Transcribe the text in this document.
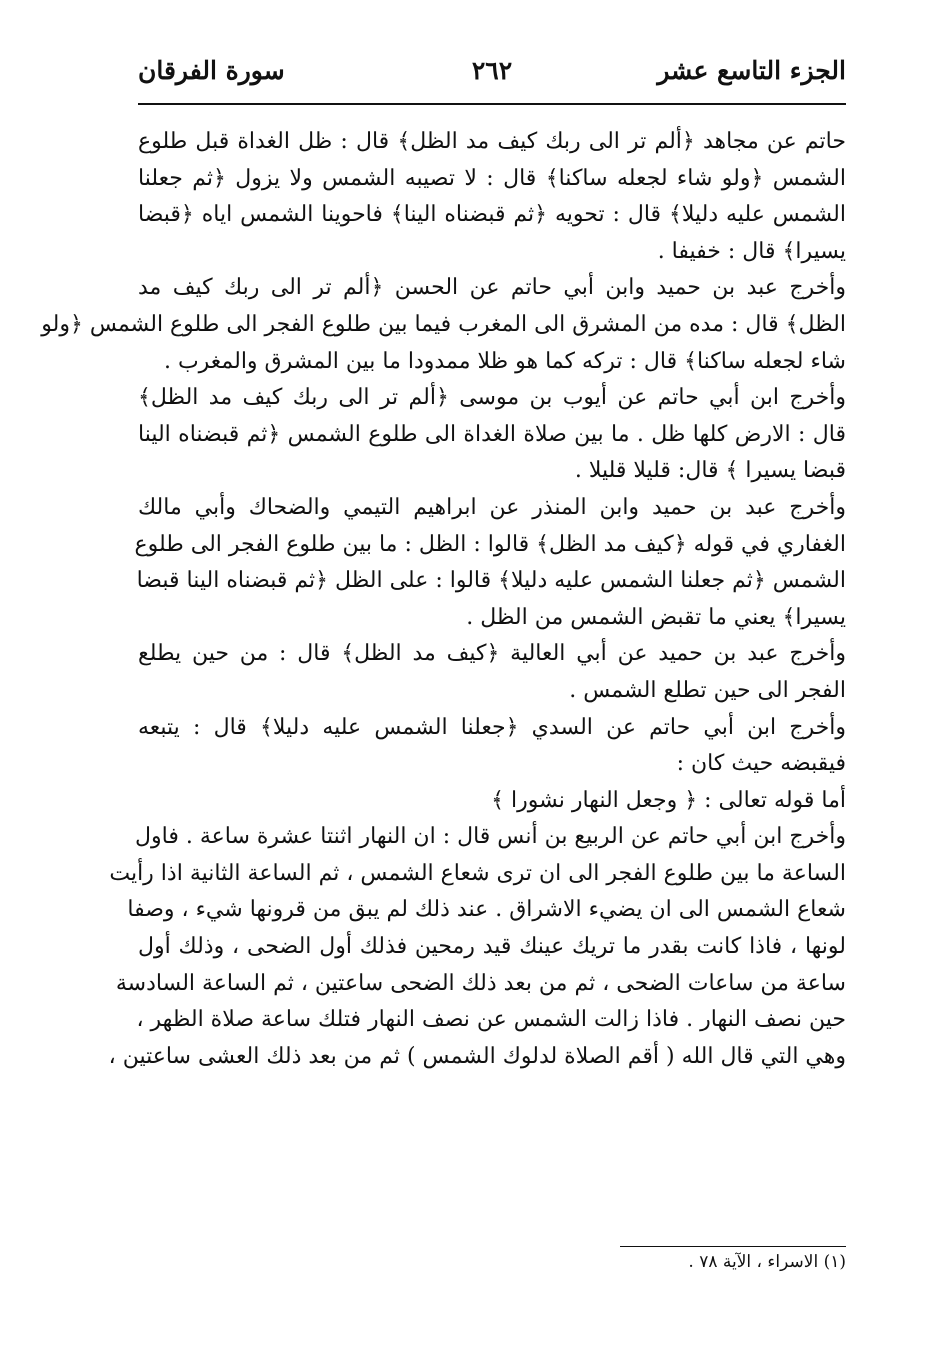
الجزء التاسع عشر
٢٦٢
سورة الفرقان
حاتم عن مجاهد ﴿ألم تر الى ربك كيف مد الظل﴾ قال : ظل الغداة قبل طلوع
الشمس ﴿ولو شاء لجعله ساكنا﴾ قال : لا تصيبه الشمس ولا يزول ﴿ثم جعلنا
الشمس عليه دليلا﴾ قال : تحويه ﴿ثم قبضناه الينا﴾ فاحوينا الشمس اياه ﴿قبضا
يسيرا﴾ قال : خفيفا .
وأخرج عبد بن حميد وابن أبي حاتم عن الحسن ﴿ألم تر الى ربك كيف مد
الظل﴾ قال : مده من المشرق الى المغرب فيما بين طلوع الفجر الى طلوع الشمس ﴿ولو
شاء لجعله ساكنا﴾ قال : تركه كما هو ظلا ممدودا ما بين المشرق والمغرب .
وأخرج ابن أبي حاتم عن أيوب بن موسى ﴿ألم تر الى ربك كيف مد الظل﴾
قال : الارض كلها ظل . ما بين صلاة الغداة الى طلوع الشمس ﴿ثم قبضناه الينا
قبضا يسيرا ﴾ قال: قليلا قليلا .
وأخرج عبد بن حميد وابن المنذر عن ابراهيم التيمي والضحاك وأبي مالك
الغفاري في قوله ﴿كيف مد الظل﴾ قالوا : الظل : ما بين طلوع الفجر الى طلوع
الشمس ﴿ثم جعلنا الشمس عليه دليلا﴾ قالوا : على الظل ﴿ثم قبضناه الينا قبضا
يسيرا﴾ يعني ما تقبض الشمس من الظل .
وأخرج عبد بن حميد عن أبي العالية ﴿كيف مد الظل﴾ قال : من حين يطلع
الفجر الى حين تطلع الشمس .
وأخرج ابن أبي حاتم عن السدي ﴿جعلنا الشمس عليه دليلا﴾ قال : يتبعه
فيقبضه حيث كان :
أما قوله تعالى : ﴿ وجعل النهار نشورا ﴾
وأخرج ابن أبي حاتم عن الربيع بن أنس قال : ان النهار اثنتا عشرة ساعة . فاول
الساعة ما بين طلوع الفجر الى ان ترى شعاع الشمس ، ثم الساعة الثانية اذا رأيت
شعاع الشمس الى ان يضيء الاشراق . عند ذلك لم يبق من قرونها شيء ، وصفا
لونها ، فاذا كانت بقدر ما تريك عينك قيد رمحين فذلك أول الضحى ، وذلك أول
ساعة من ساعات الضحى ، ثم من بعد ذلك الضحى ساعتين ، ثم الساعة السادسة
حين نصف النهار . فاذا زالت الشمس عن نصف النهار فتلك ساعة صلاة الظهر ،
وهي التي قال الله ( أقم الصلاة لدلوك الشمس ) ثم من بعد ذلك العشى ساعتين ،
(١) الاسراء ، الآية ٧٨ .
